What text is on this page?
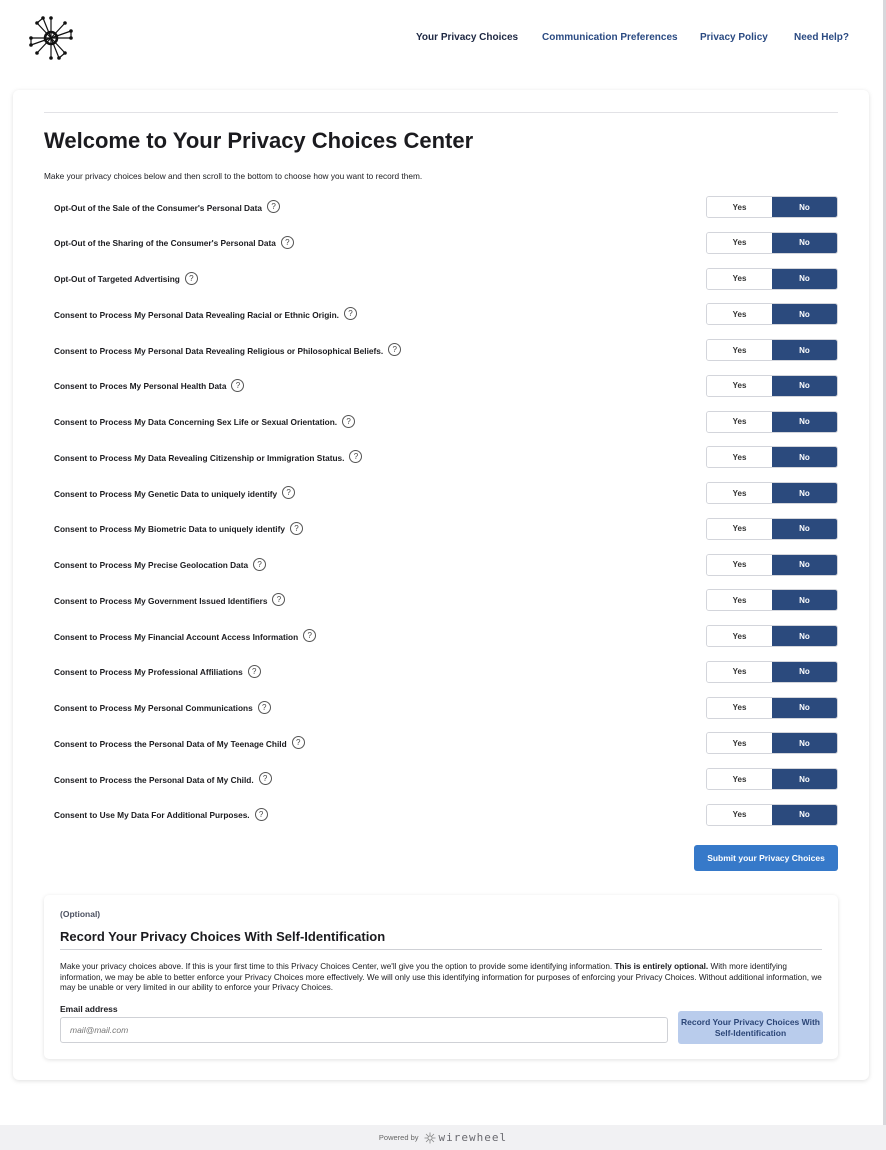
Your Privacy Choices Communication Preferences Privacy Policy	Need Help?
Welcome to Your Privacy Choices Center

Make your privacy choices below and then scroll to the bottom to choose how you want to record them.

Opt-Out of the Sale of the Consumer's Personal Data	?	Yes	No
Opt-Out of the Sharing of the Consumer's Personal Data	?	Yes	No
Opt-Out of Targeted Advertising	?	Yes	No
Consent to Process My Personal Data Revealing Racial or Ethnic Origin.	?	Yes	No
Consent to Process My Personal Data Revealing Religious or Philosophical Beliefs.	?	Yes	No
Consent to Proces My Personal Health Data	?	Yes	No
Consent to Process My Data Concerning Sex Life or Sexual Orientation.	?	Yes	No
Consent to Process My Data Revealing Citizenship or Immigration Status.	?	Yes	No
Consent to Process My Genetic Data to uniquely identify	?	Yes	No
Consent to Process My Biometric Data to uniquely identify	?	Yes	No
Consent to Process My Precise Geolocation Data	?	Yes	No
Consent to Process My Government Issued Identifiers	?	Yes	No
Consent to Process My Financial Account Access Information	?	Yes	No
Consent to Process My Professional Affiliations	?	Yes	No
Consent to Process My Personal Communications	?	Yes	No
Consent to Process the Personal Data of My Teenage Child	?	Yes	No
Consent to Process the Personal Data of My Child.	?	Yes	No
Consent to Use My Data For Additional Purposes.	?	Yes	No
Submit your Privacy Choices
(Optional)
Record Your Privacy Choices With Self-Identification

Make your privacy choices above. If this is your first time to this Privacy Choices Center, we'll give you the option to provide some identifying information. This is entirely optional. With more identifying information, we may be able to better enforce your Privacy Choices more effectively. We will only use this identifying information for purposes of enforcing your Privacy Choices. Without additional information, we may be unable or very limited in our ability to enforce your Privacy Choices.

Email address
mail@mail.com
Record Your Privacy Choices With Self-Identification
Powered by wirewheel
